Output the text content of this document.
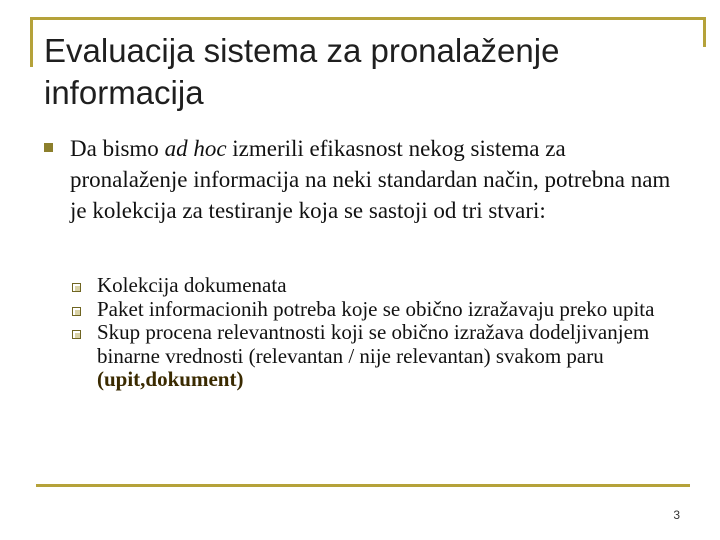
Evaluacija sistema za pronalaženje
informacija
Da bismo ad hoc izmerili efikasnost nekog sistema za pronalaženje informacija na neki standardan način, potrebna nam je kolekcija za testiranje koja se sastoji od tri stvari:
Kolekcija dokumenata
Paket informacionih potreba koje se obično izražavaju preko upita
Skup procena relevantnosti koji se obično izražava dodeljivanjem binarne vrednosti (relevantan / nije relevantan) svakom paru (upit,dokument)
3
